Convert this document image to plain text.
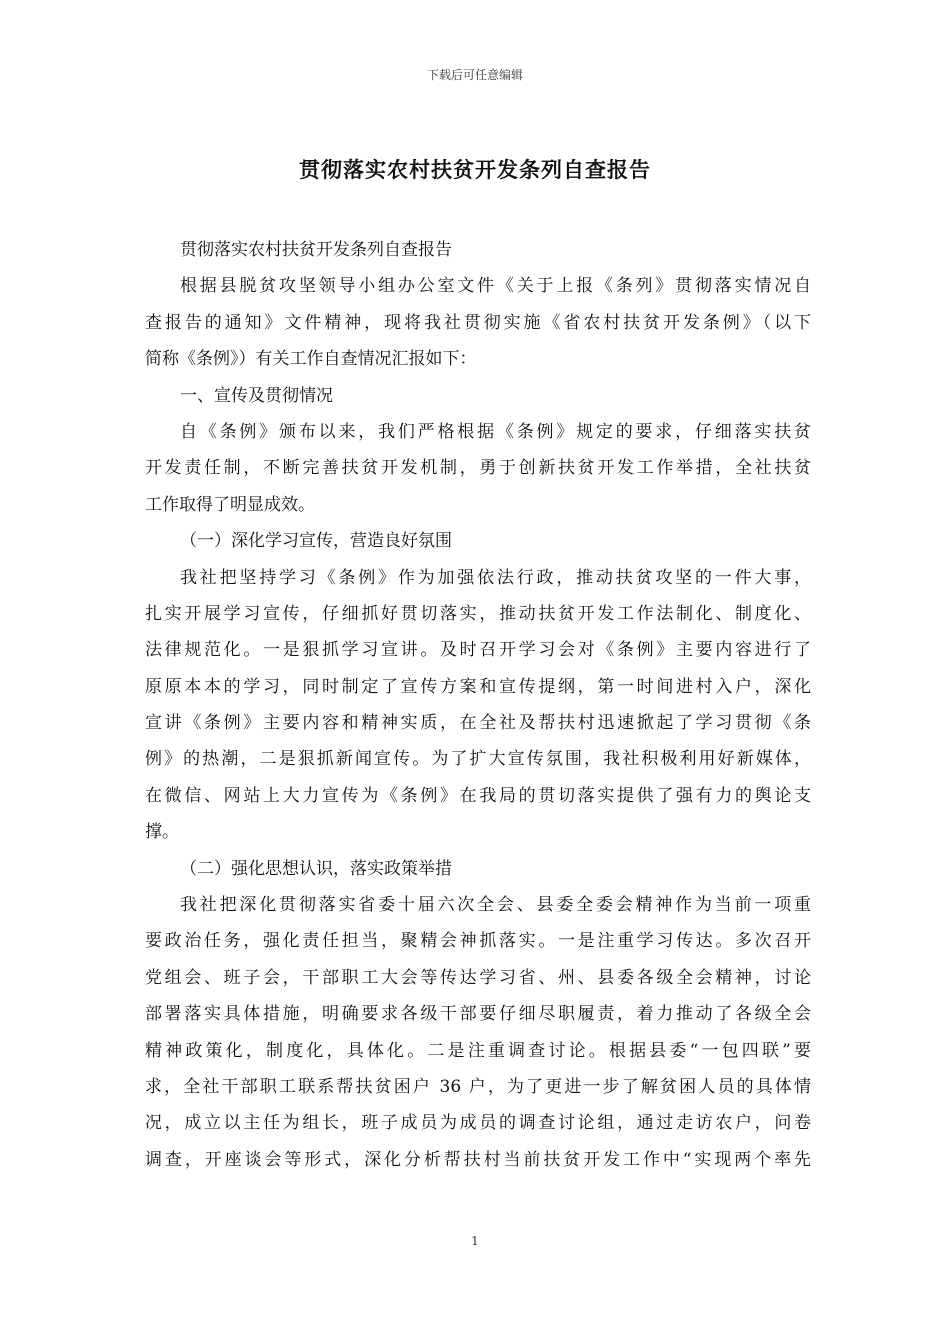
下载后可任意编辑
贯彻落实农村扶贫开发条列自查报告
贯彻落实农村扶贫开发条列自查报告
根据县脱贫攻坚领导小组办公室文件《关于上报《条列》贯彻落实情况自
查报告的通知》文件精神，现将我社贯彻实施《省农村扶贫开发条例》（以下
简称《条例》）有关工作自查情况汇报如下：
一、宣传及贯彻情况
自《条例》颁布以来，我们严格根据《条例》规定的要求，仔细落实扶贫
开发责任制，不断完善扶贫开发机制，勇于创新扶贫开发工作举措，全社扶贫
工作取得了明显成效。
（一）深化学习宣传，营造良好氛围
我社把坚持学习《条例》作为加强依法行政，推动扶贫攻坚的一件大事，
扎实开展学习宣传，仔细抓好贯切落实，推动扶贫开发工作法制化、制度化、
法律规范化。一是狠抓学习宣讲。及时召开学习会对《条例》主要内容进行了
原原本本的学习，同时制定了宣传方案和宣传提纲，第一时间进村入户，深化
宣讲《条例》主要内容和精神实质，在全社及帮扶村迅速掀起了学习贯彻《条
例》的热潮，二是狠抓新闻宣传。为了扩大宣传氛围，我社积极利用好新媒体，
在微信、网站上大力宣传为《条例》在我局的贯切落实提供了强有力的舆论支
撑。
（二）强化思想认识，落实政策举措
我社把深化贯彻落实省委十届六次全会、县委全委会精神作为当前一项重
要政治任务，强化责任担当，聚精会神抓落实。一是注重学习传达。多次召开
党组会、班子会，干部职工大会等传达学习省、州、县委各级全会精神，讨论
部署落实具体措施，明确要求各级干部要仔细尽职履责，着力推动了各级全会
精神政策化，制度化，具体化。二是注重调查讨论。根据县委“一包四联”要
求，全社干部职工联系帮扶贫困户 36 户，为了更进一步了解贫困人员的具体情
况，成立以主任为组长，班子成员为成员的调查讨论组，通过走访农户，问卷
调查，开座谈会等形式，深化分析帮扶村当前扶贫开发工作中“实现两个率先
1
